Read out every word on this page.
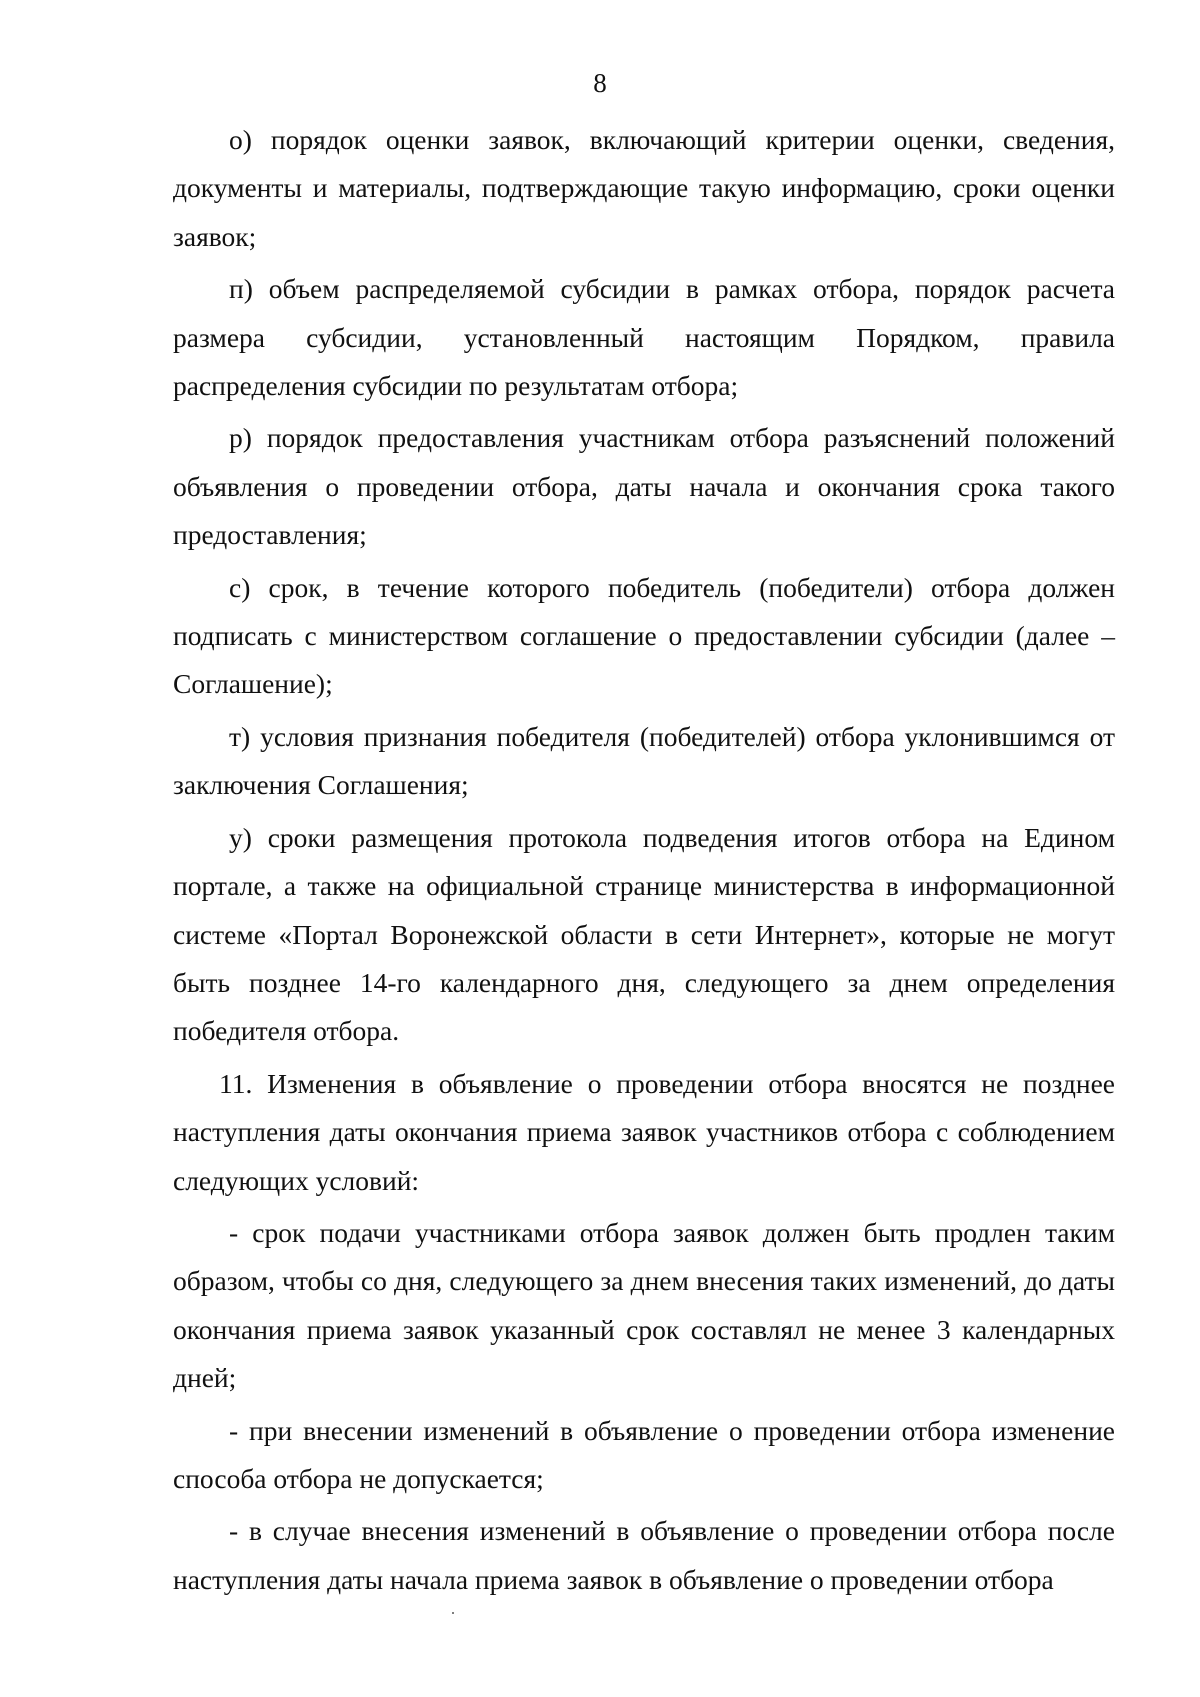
8

о) порядок оценки заявок, включающий критерии оценки, сведения, документы и материалы, подтверждающие такую информацию, сроки оценки заявок;

п) объем распределяемой субсидии в рамках отбора, порядок расчета размера субсидии, установленный настоящим Порядком, правила распределения субсидии по результатам отбора;

р) порядок предоставления участникам отбора разъяснений положений объявления о проведении отбора, даты начала и окончания срока такого предоставления;

с) срок, в течение которого победитель (победители) отбора должен подписать с министерством соглашение о предоставлении субсидии (далее – Соглашение);

т) условия признания победителя (победителей) отбора уклонившимся от заключения Соглашения;

у) сроки размещения протокола подведения итогов отбора на Едином портале, а также на официальной странице министерства в информационной системе «Портал Воронежской области в сети Интернет», которые не могут быть позднее 14-го календарного дня, следующего за днем определения победителя отбора.

11. Изменения в объявление о проведении отбора вносятся не позднее наступления даты окончания приема заявок участников отбора с соблюдением следующих условий:

- срок подачи участниками отбора заявок должен быть продлен таким образом, чтобы со дня, следующего за днем внесения таких изменений, до даты окончания приема заявок указанный срок составлял не менее 3 календарных дней;

- при внесении изменений в объявление о проведении отбора изменение способа отбора не допускается;

- в случае внесения изменений в объявление о проведении отбора после наступления даты начала приема заявок в объявление о проведении отбора
